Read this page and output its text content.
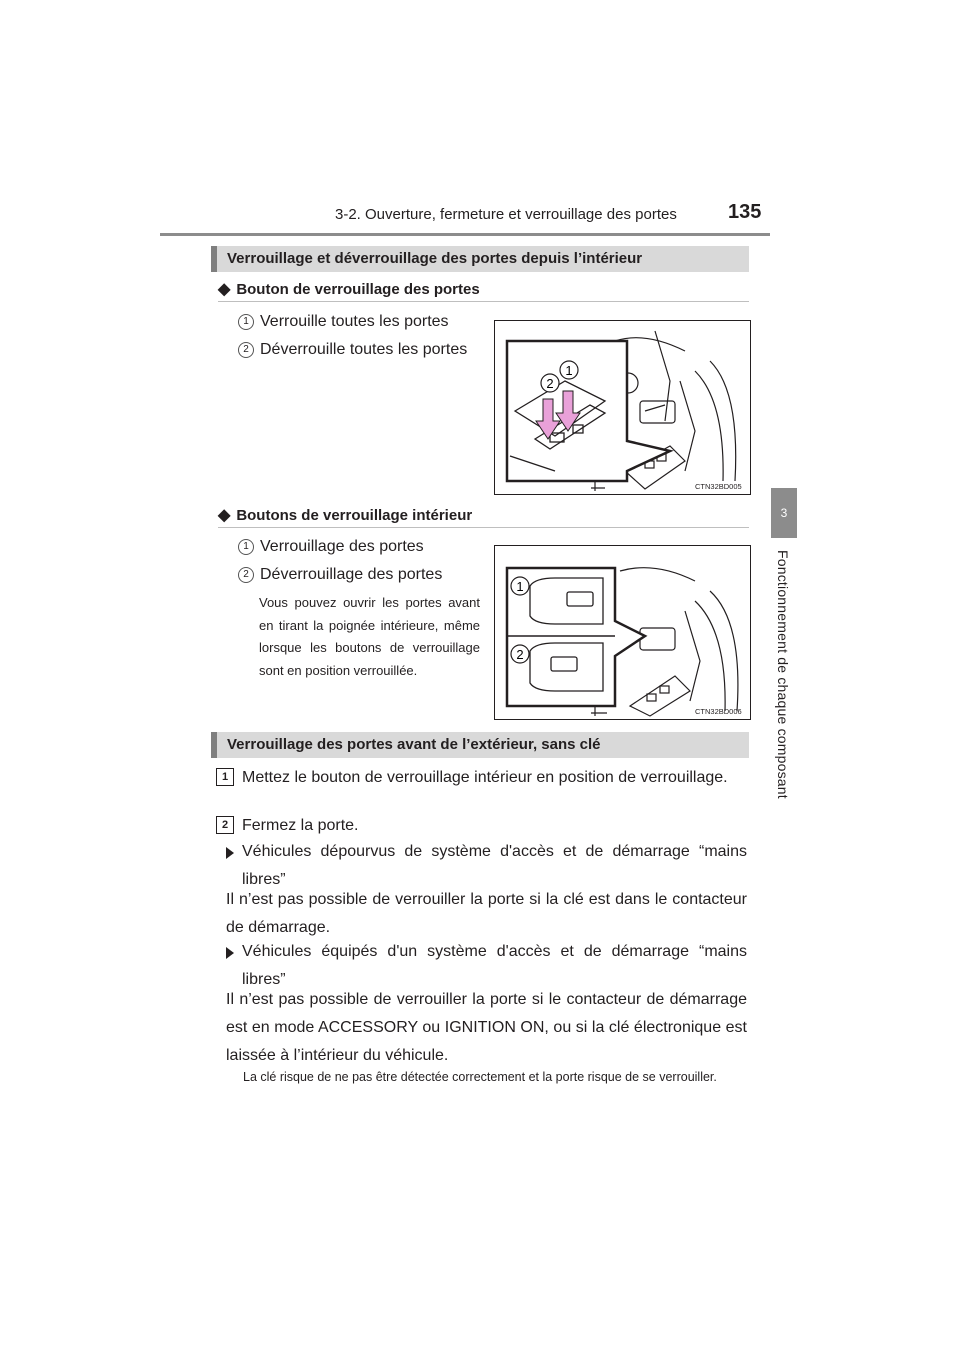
3-2. Ouverture, fermeture et verrouillage des portes	135
3
Fonctionnement de chaque composant
Verrouillage et déverrouillage des portes depuis l’intérieur
◆ Bouton de verrouillage des portes
1 Verrouille toutes les portes
2 Déverrouille toutes les portes
2
1
CTN32BD005
◆ Boutons de verrouillage intérieur
1 Verrouillage des portes
2 Déverrouillage des portes
Vous pouvez ouvrir les portes avant en tirant la poignée intérieure, même lorsque les boutons de verrouillage sont en position verrouillée.
1
2
CTN32BD006
Verrouillage des portes avant de l’extérieur, sans clé
1 Mettez le bouton de verrouillage intérieur en position de verrouillage.
2 Fermez la porte.
Véhicules dépourvus de système d'accès et de démarrage “mains libres”
Il n’est pas possible de verrouiller la porte si la clé est dans le contacteur de démarrage.
Véhicules équipés d'un système d'accès et de démarrage “mains libres”
Il n’est pas possible de verrouiller la porte si le contacteur de démarrage est en mode ACCESSORY ou IGNITION ON, ou si la clé électronique est laissée à l’intérieur du véhicule.
La clé risque de ne pas être détectée correctement et la porte risque de se verrouiller.
